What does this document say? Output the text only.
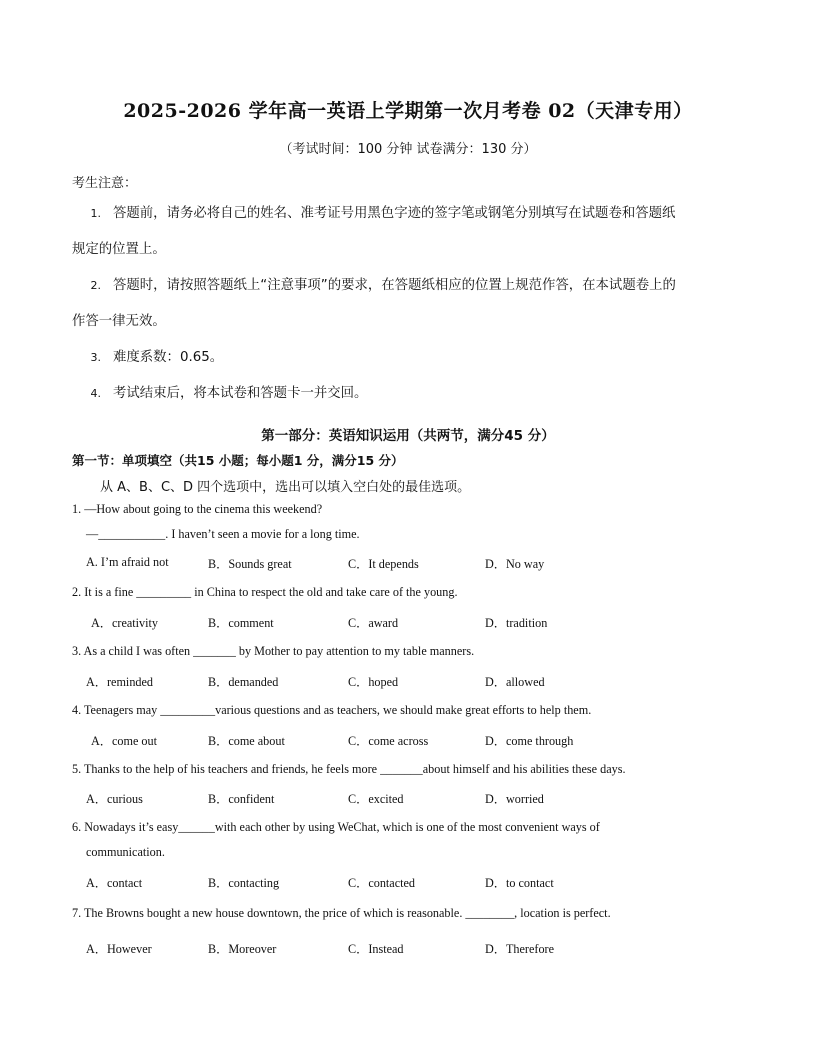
2025-2026 学年高一英语上学期第一次月考卷 02（天津专用）
（考试时间：100 分钟 试卷满分：130 分）
考生注意：
1. 答题前，请务必将自己的姓名、准考证号用黑色字迹的签字笔或钢笔分别填写在试题卷和答题纸
规定的位置上。
2. 答题时，请按照答题纸上“注意事项”的要求，在答题纸相应的位置上规范作答，在本试题卷上的
作答一律无效。
3. 难度系数：0.65。
4. 考试结束后，将本试卷和答题卡一并交回。
第一部分：英语知识运用（共两节，满分45 分）
第一节：单项填空（共15 小题；每小题1 分，满分15 分）
从 A、B、C、D 四个选项中，选出可以填入空白处的最佳选项。
1. —How about going to the cinema this weekend?
—___________. I haven’t seen a movie for a long time.
A. I’m afraid not	B．Sounds great	C．It depends	D．No way
2. It is a fine _________ in China to respect the old and take care of the young.
A．creativity	B．comment	C．award	D．tradition
3. As a child I was often _______ by Mother to pay attention to my table manners.
A．reminded	B．demanded	C．hoped	D．allowed
4. Teenagers may _________various questions and as teachers, we should make great efforts to help them.
A．come out	B．come about	C．come across	D．come through
5. Thanks to the help of his teachers and friends, he feels more _______about himself and his abilities these days.
A．curious	B．confident	C．excited	D．worried
6. Nowadays it’s easy______with each other by using WeChat, which is one of the most convenient ways of
communication.
A．contact	B．contacting	C．contacted	D．to contact
7. The Browns bought a new house downtown, the price of which is reasonable. ________, location is perfect.
A．However	B．Moreover	C．Instead	D．Therefore
